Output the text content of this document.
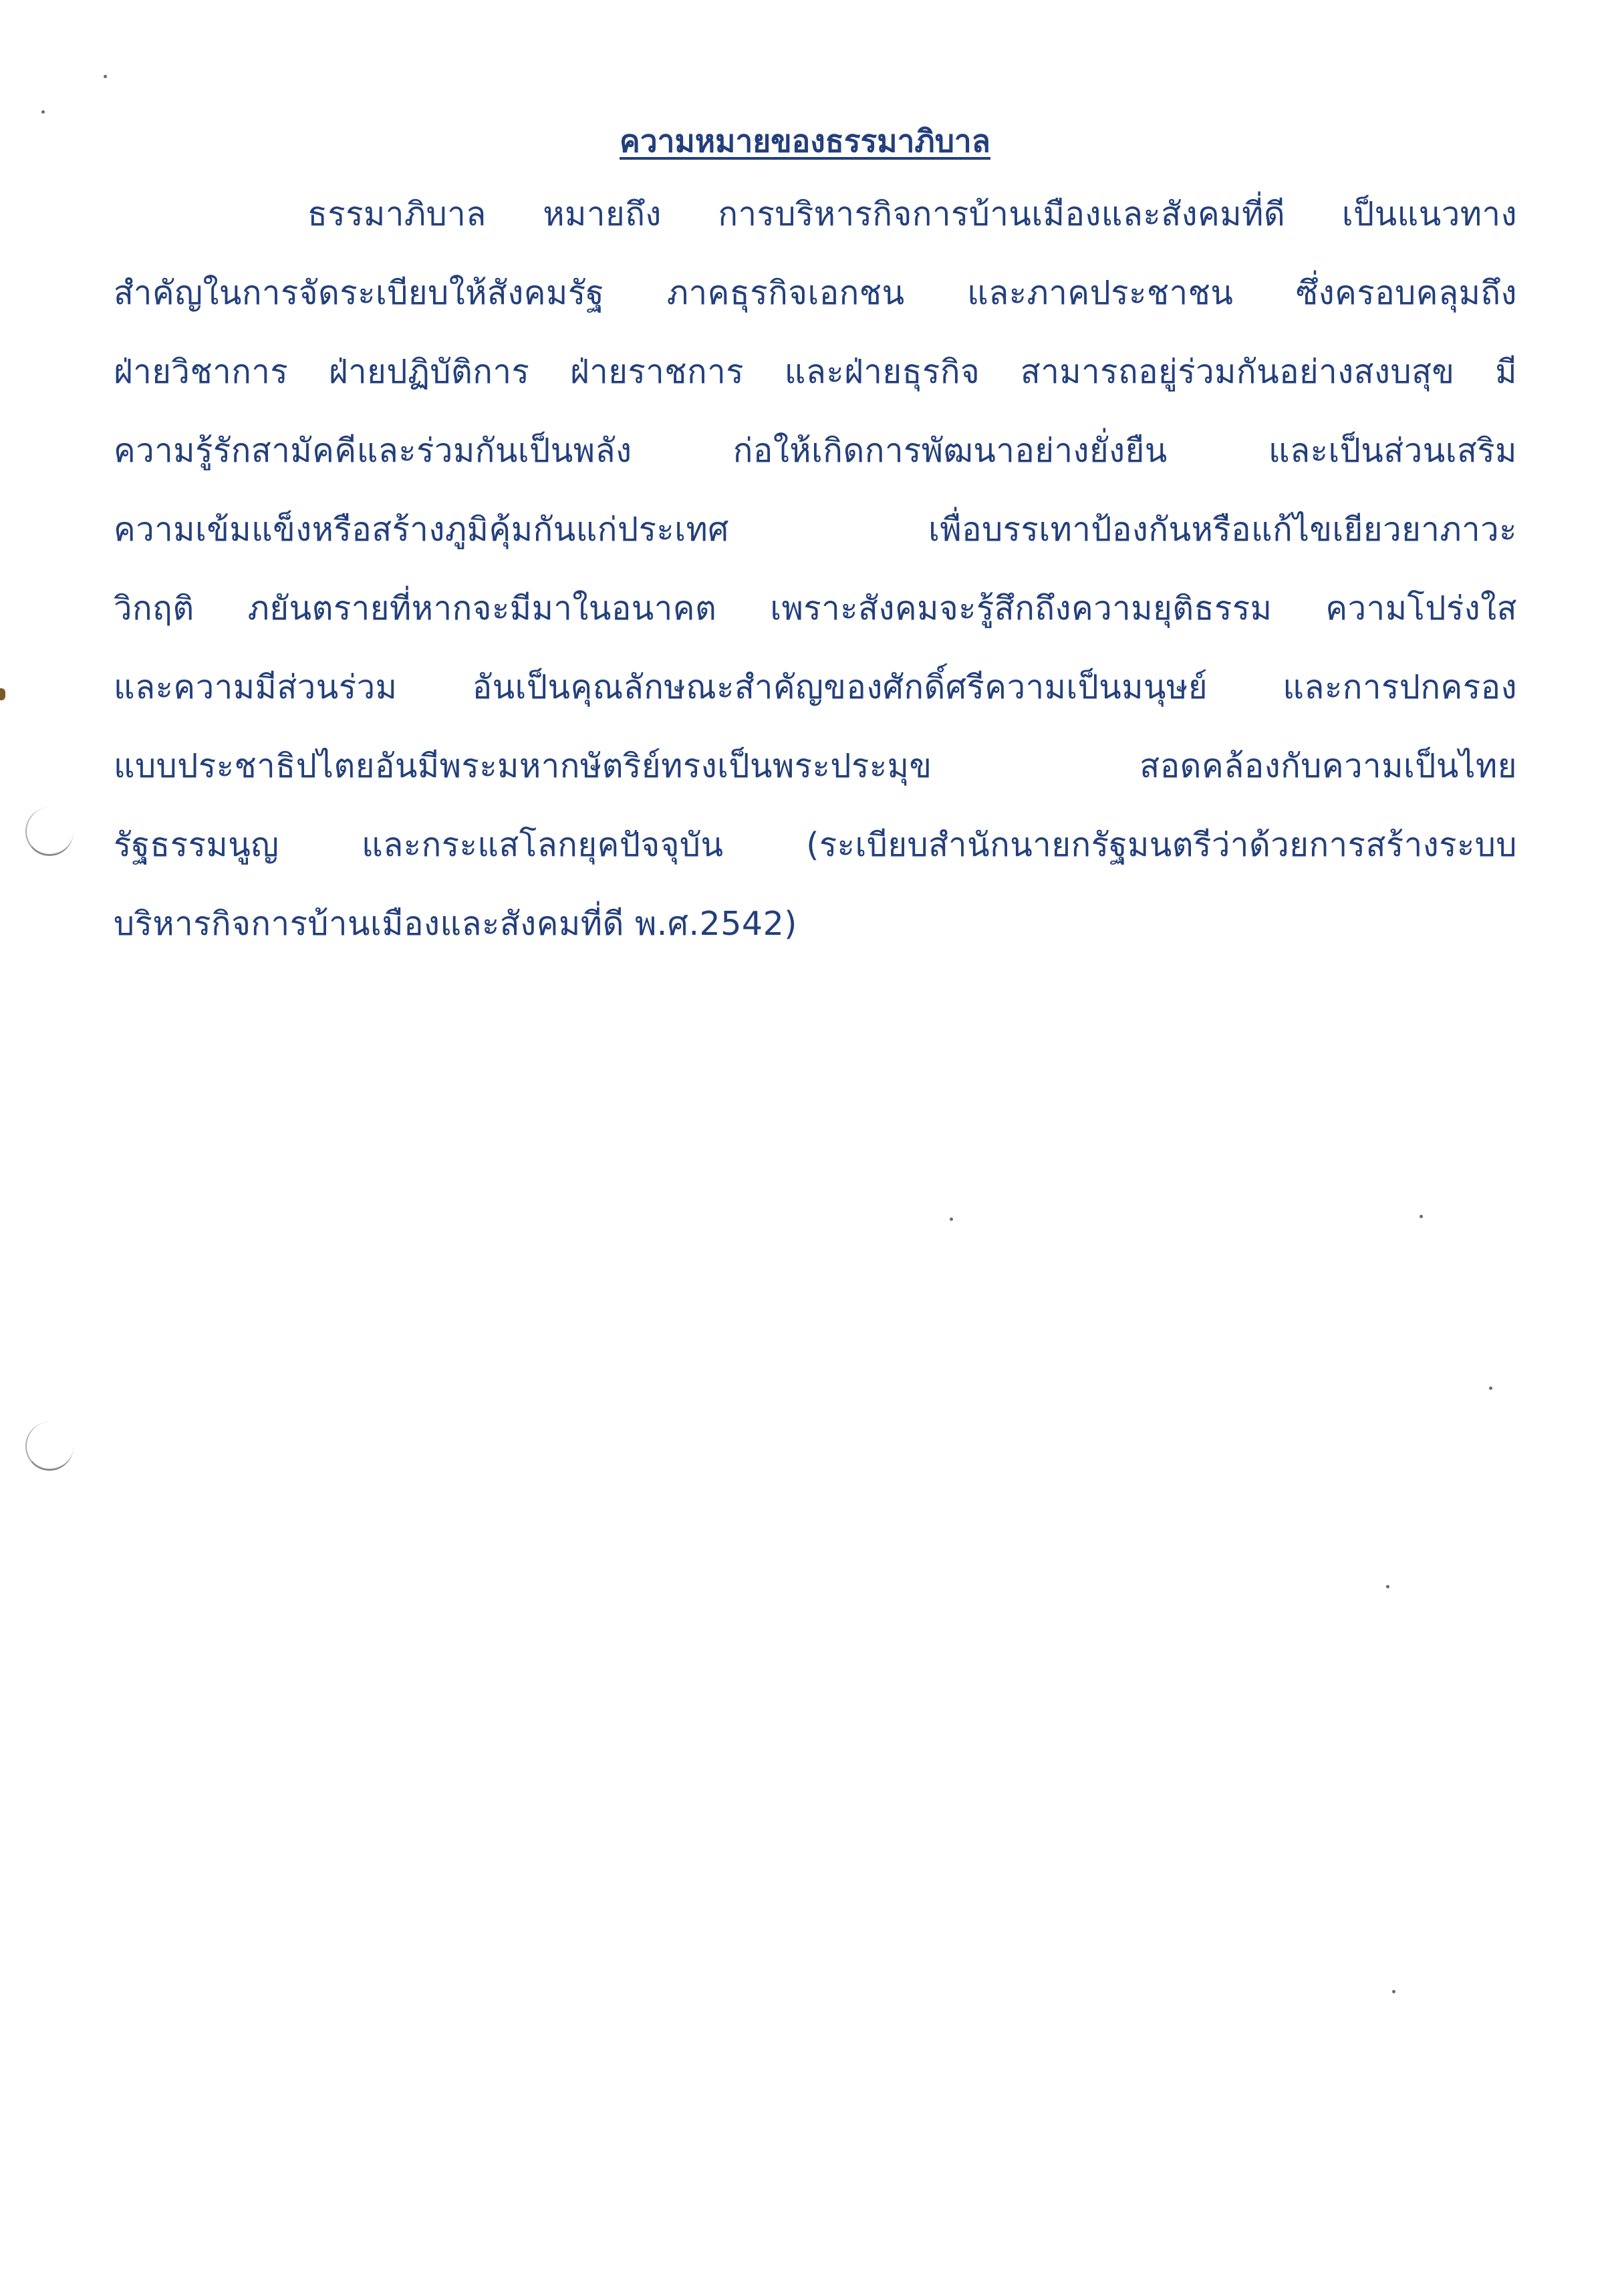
ความหมายของธรรมาภิบาล

ธรรมาภิบาล หมายถึง การบริหารกิจการบ้านเมืองและสังคมที่ดี เป็นแนวทาง

สำคัญในการจัดระเบียบให้สังคมรัฐ ภาคธุรกิจเอกชน และภาคประชาชน ซึ่งครอบคลุมถึง

ฝ่ายวิชาการ ฝ่ายปฏิบัติการ ฝ่ายราชการ และฝ่ายธุรกิจ สามารถอยู่ร่วมกันอย่างสงบสุข มี

ความรู้รักสามัคคีและร่วมกันเป็นพลัง ก่อให้เกิดการพัฒนาอย่างยั่งยืน และเป็นส่วนเสริม

ความเข้มแข็งหรือสร้างภูมิคุ้มกันแก่ประเทศ เพื่อบรรเทาป้องกันหรือแก้ไขเยียวยาภาวะ

วิกฤติ ภยันตรายที่หากจะมีมาในอนาคต เพราะสังคมจะรู้สึกถึงความยุติธรรม ความโปร่งใส

และความมีส่วนร่วม อันเป็นคุณลักษณะสำคัญของศักดิ์ศรีความเป็นมนุษย์ และการปกครอง

แบบประชาธิปไตยอันมีพระมหากษัตริย์ทรงเป็นพระประมุข สอดคล้องกับความเป็นไทย

รัฐธรรมนูญ และกระแสโลกยุคปัจจุบัน (ระเบียบสำนักนายกรัฐมนตรีว่าด้วยการสร้างระบบ

บริหารกิจการบ้านเมืองและสังคมที่ดี พ.ศ.2542)
